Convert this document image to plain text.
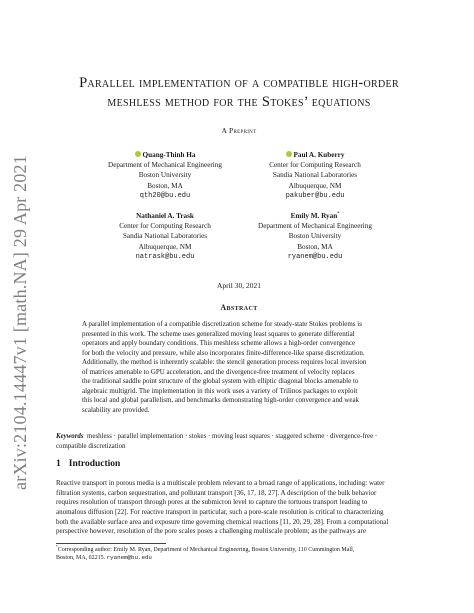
arXiv:2104.14447v1 [math.NA] 29 Apr 2021
Parallel implementation of a compatible high-order
meshless method for the Stokes’ equations
A Preprint
Quang-Thinh Ha
Department of Mechanical Engineering
Boston University
Boston, MA
qth20@bu.edu
Paul A. Kuberry
Center for Computing Research
Sandia National Laboratories
Albuquerque, NM
pakuber@bu.edu
Nathaniel A. Trask
Center for Computing Research
Sandia National Laboratories
Albuquerque, NM
natrask@bu.edu
Emily M. Ryan*
Department of Mechanical Engineering
Boston University
Boston, MA
ryanem@bu.edu
April 30, 2021
Abstract
A parallel implementation of a compatible discretization scheme for steady-state Stokes problems is
presented in this work. The scheme uses generalized moving least squares to generate differential
operators and apply boundary conditions. This meshless scheme allows a high-order convergence
for both the velocity and pressure, while also incorporates finite-difference-like sparse discretization.
Additionally, the method is inherently scalable: the stencil generation process requires local inversion
of matrices amenable to GPU acceleration, and the divergence-free treatment of velocity replaces
the traditional saddle point structure of the global system with elliptic diagonal blocks amenable to
algebraic multigrid. The implementation in this work uses a variety of Trilinos packages to exploit
this local and global parallelism, and benchmarks demonstrating high-order convergence and weak
scalability are provided.
Keywords meshless · parallel implementation · stokes · moving least squares · staggered scheme · divergence-free ·
compatible discretization
1 Introduction
Reactive transport in porous media is a multiscale problem relevant to a broad range of applications, including: water
filtration systems, carbon sequestration, and pollutant transport [36, 17, 18, 27]. A description of the bulk behavior
requires resolution of transport through pores at the submicron level to capture the tortuous transport leading to
anomalous diffusion [22]. For reactive transport in particular, such a pore-scale resolution is critical to characterizing
both the available surface area and exposure time governing chemical reactions [11, 20, 29, 28]. From a computational
perspective however, resolution of the pore scales poses a challenging multiscale problem; as the pathways are
*Corresponding author: Emily M. Ryan, Department of Mechanical Engineering, Boston University, 110 Cummington Mall,
Boston, MA, 02215. ryanem@bu.edu
